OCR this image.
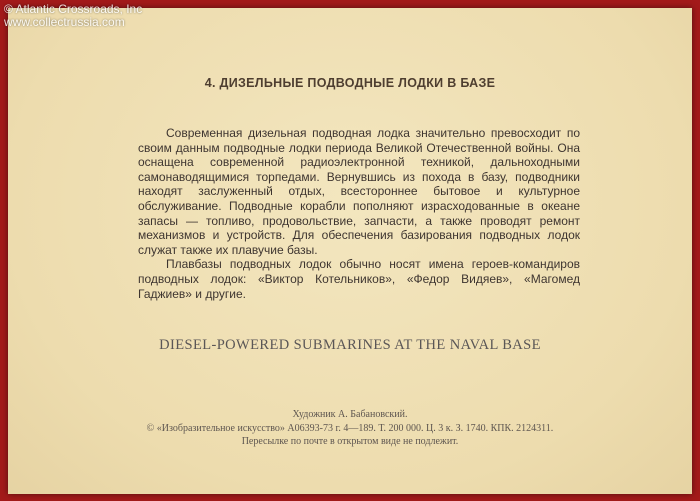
4. ДИЗЕЛЬНЫЕ ПОДВОДНЫЕ ЛОДКИ В БАЗЕ

Современная дизельная подводная лодка значительно превосходит по своим данным подводные лодки периода Великой Отечественной войны. Она оснащена современной радиоэлектронной техникой, дальноходными самонаводящимися торпедами. Вернувшись из похода в базу, подводники находят заслуженный отдых, всестороннее бытовое и культурное обслуживание. Подводные корабли пополняют израсходованные в океане запасы — топливо, продовольствие, запчасти, а также проводят ремонт механизмов и устройств. Для обеспечения базирования подводных лодок служат также их плавучие базы.

Плавбазы подводных лодок обычно носят имена героев-командиров подводных лодок: «Виктор Котельников», «Федор Видяев», «Магомед Гаджиев» и другие.

DIESEL-POWERED SUBMARINES AT THE NAVAL BASE
Художник А. Бабановский.
© «Изобразительное искусство» A06393-73 г. 4—189. Т. 200 000. Ц. 3 к. З. 1740. КПК. 2124311.
Пересылке по почте в открытом виде не подлежит.
© Atlantic Crossroads, Inc
www.collectrussia.com
